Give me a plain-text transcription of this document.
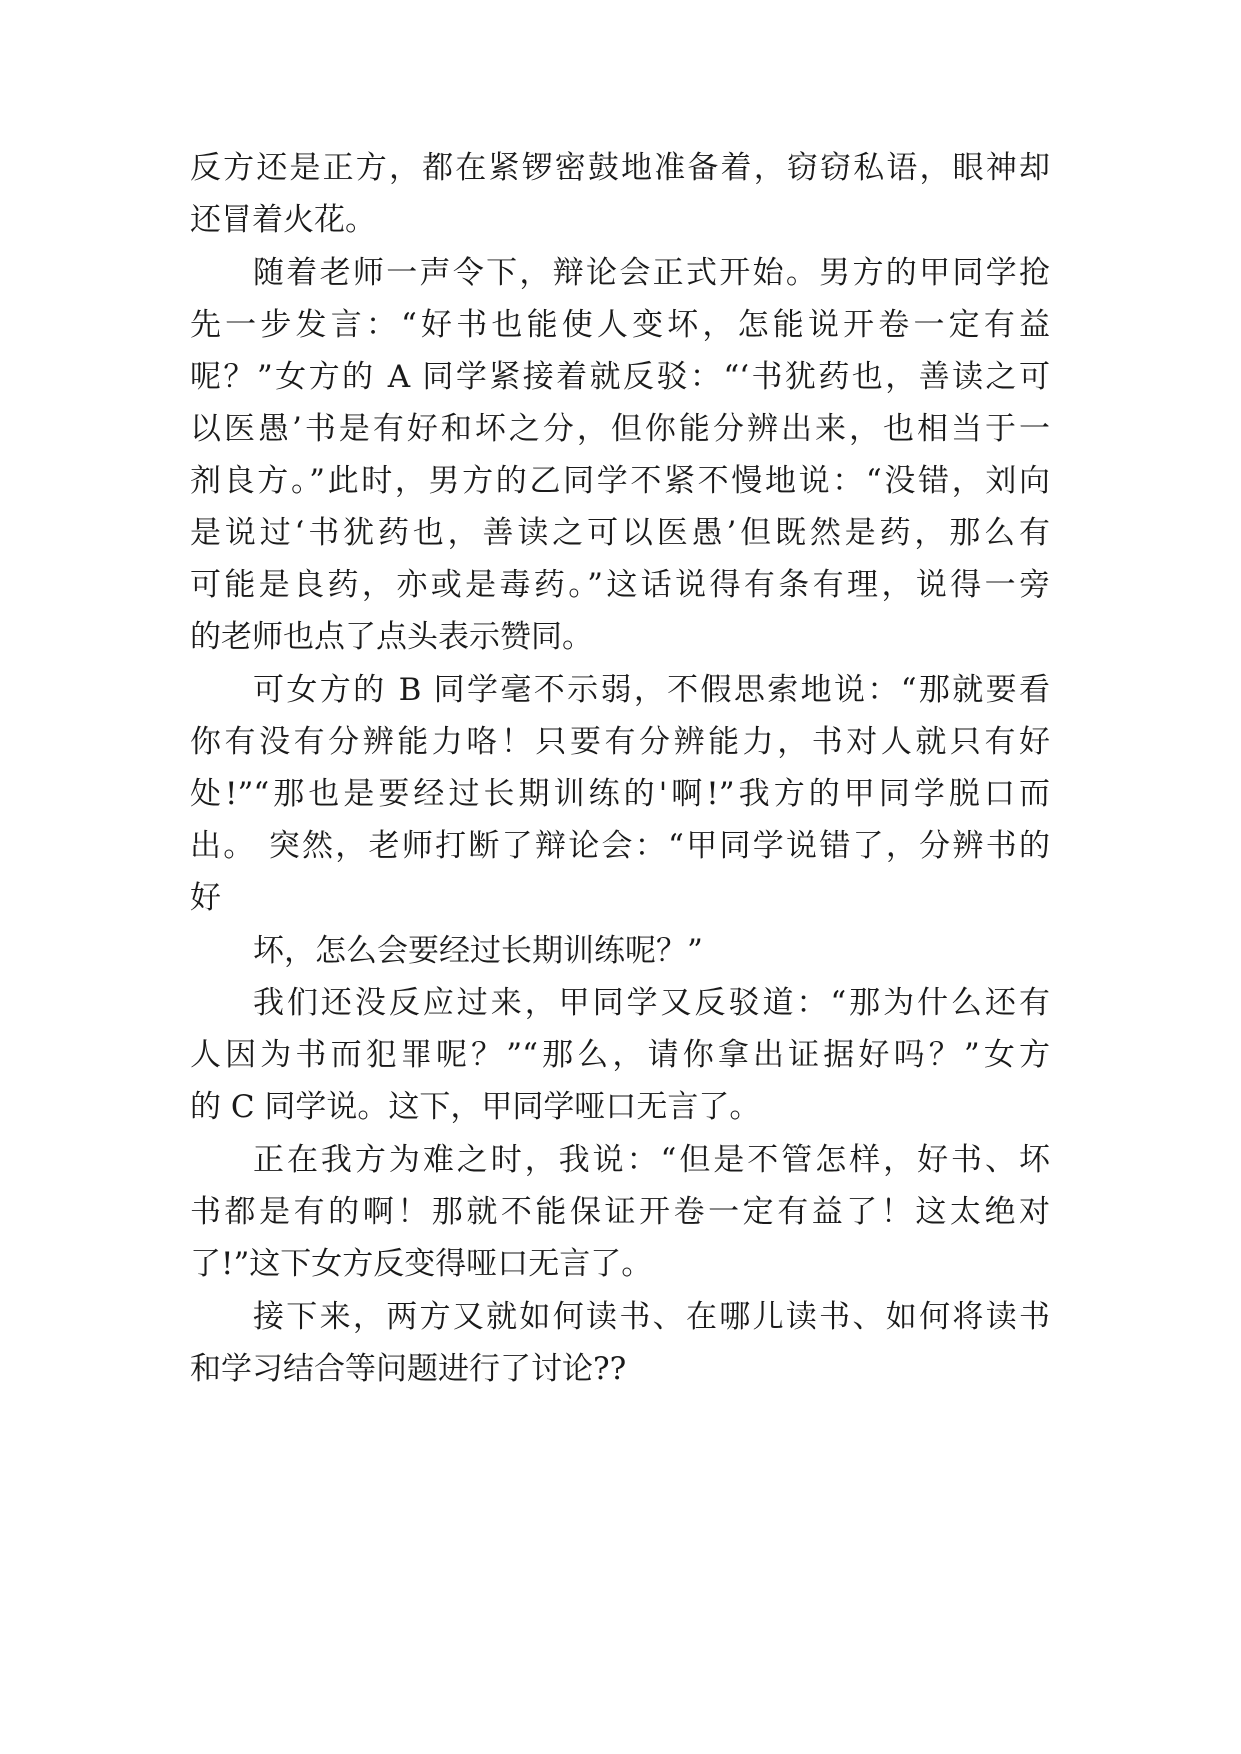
反方还是正方，都在紧锣密鼓地准备着，窃窃私语，眼神却
还冒着火花。
随着老师一声令下，辩论会正式开始。男方的甲同学抢
先一步发言：“好书也能使人变坏，怎能说开卷一定有益
呢？”女方的 A 同学紧接着就反驳：“‘书犹药也，善读之可
以医愚’书是有好和坏之分，但你能分辨出来，也相当于一
剂良方。”此时，男方的乙同学不紧不慢地说：“没错，刘向
是说过‘书犹药也，善读之可以医愚’但既然是药，那么有
可能是良药，亦或是毒药。”这话说得有条有理，说得一旁
的老师也点了点头表示赞同。
可女方的 B 同学毫不示弱，不假思索地说：“那就要看
你有没有分辨能力咯！只要有分辨能力，书对人就只有好
处!”“那也是要经过长期训练的'啊!”我方的甲同学脱口而
出。 突然，老师打断了辩论会：“甲同学说错了，分辨书的
好
坏，怎么会要经过长期训练呢？”
我们还没反应过来，甲同学又反驳道：“那为什么还有
人因为书而犯罪呢？”“那么，请你拿出证据好吗？”女方
的 C 同学说。这下，甲同学哑口无言了。
正在我方为难之时，我说：“但是不管怎样，好书、坏
书都是有的啊！那就不能保证开卷一定有益了！这太绝对
了!”这下女方反变得哑口无言了。
接下来，两方又就如何读书、在哪儿读书、如何将读书
和学习结合等问题进行了讨论??
